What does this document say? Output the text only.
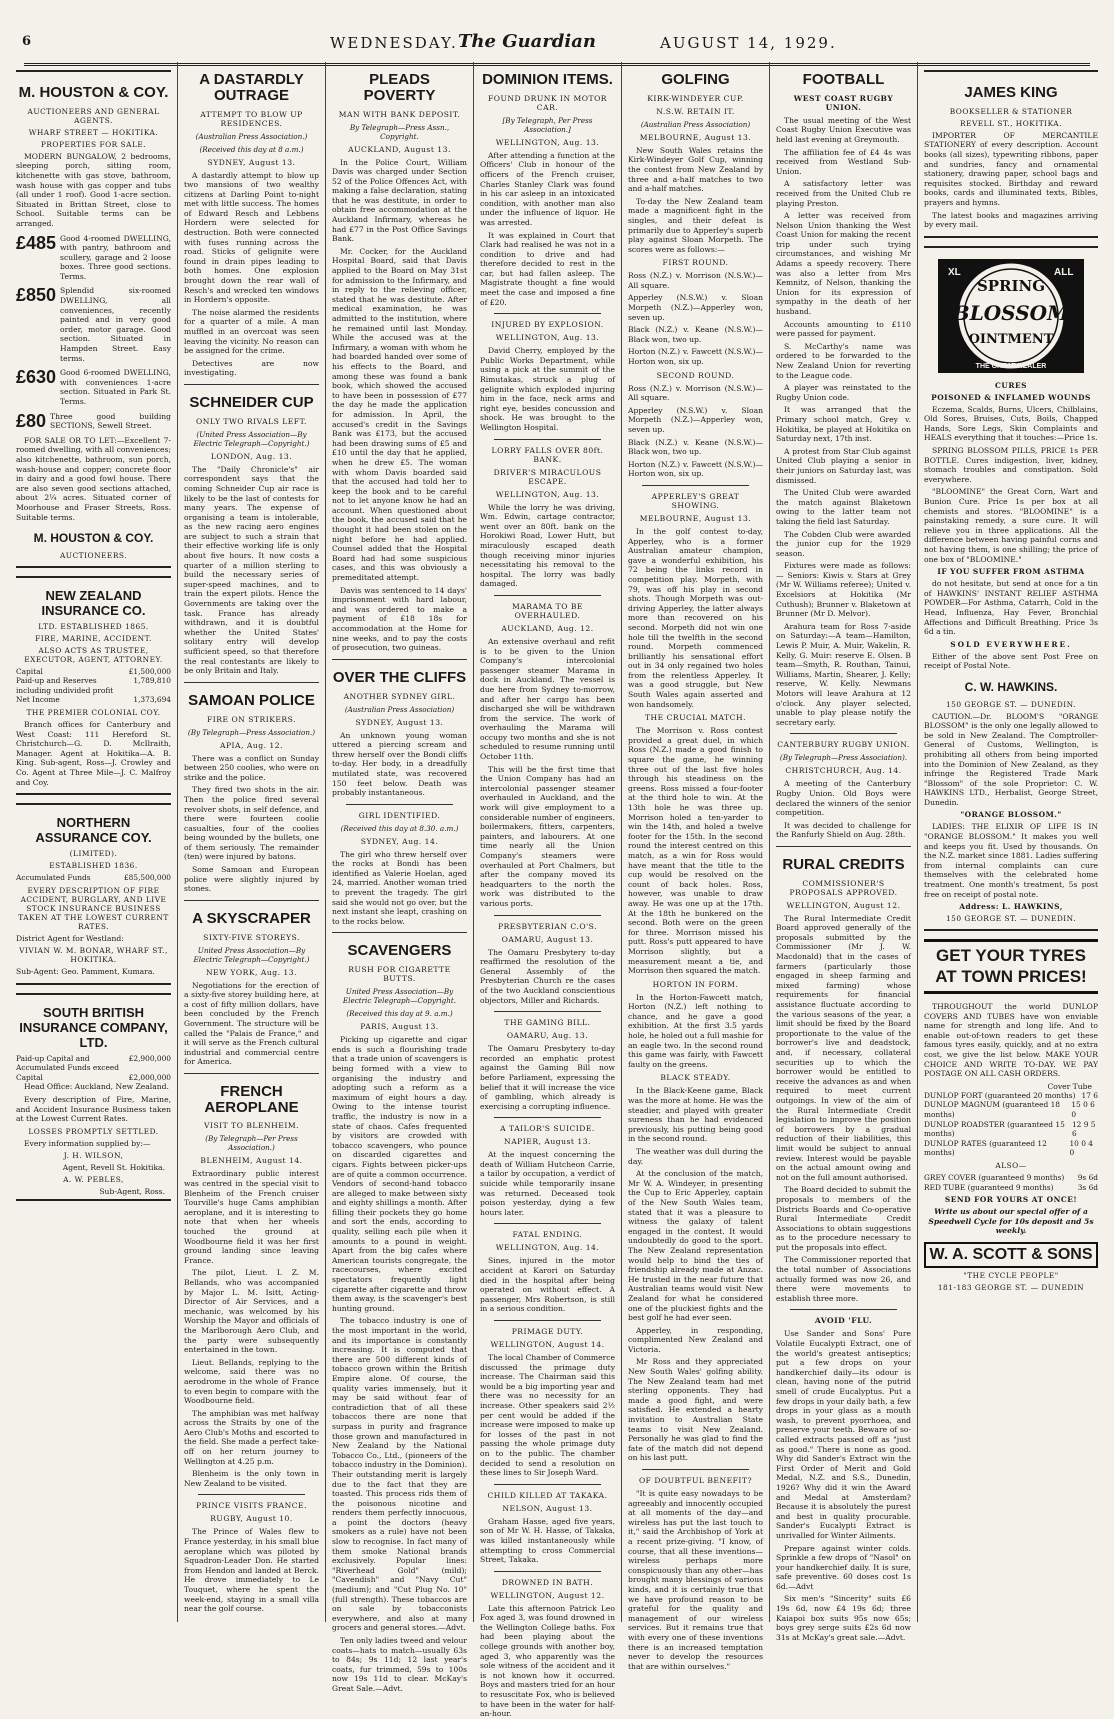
6	WEDNESDAY. The Guardian	AUGUST 14, 1929.
M. HOUSTON & COY.
AUCTIONEERS AND GENERAL AGENTS.
WHARF STREET — HOKITIKA.
PROPERTIES FOR SALE.

MODERN BUNGALOW, 2 bedrooms, sleeping porch, sitting room, kitchenette with gas stove, bathroom, wash house with gas copper and tubs (all under 1 roof). Good 1-acre section. Situated in Brittan Street, close to School. Suitable terms can be arranged.

£485 Good 4-roomed DWELLING, with pantry, bathroom and scullery, garage and 2 loose boxes. Three good sections. Terms.

£850 Splendid six-roomed DWELLING, all conveniences, recently painted and in very good order, motor garage. Good section. Situated in Hampden Street. Easy terms.

£630 Good 6-roomed DWELLING, with conveniences 1-acre section. Situated in Park St. Terms.

£80 Three good building SECTIONS, Sewell Street.

FOR SALE OR TO LET:—Excellent 7-roomed dwelling, with all conveniences; also kitchenette, bathroom, sun porch, wash-house and copper; concrete floor in dairy and a good fowl house. There are also seven good sections attached, about 2¼ acres. Situated corner of Moorhouse and Fraser Streets, Ross. Suitable terms.

M. HOUSTON & COY.
AUCTIONEERS.
NEW ZEALAND INSURANCE CO.
LTD. ESTABLISHED 1865.
FIRE, MARINE, ACCIDENT.
ALSO ACTS AS TRUSTEE, EXECUTOR, AGENT, ATTORNEY.
Capital	£1,500,000
Paid-up and Reserves including undivided profit
1,789,810
Net Income	1,373,694
THE PREMIER COLONIAL COY.

Branch offices for Canterbury and West Coast: 111 Hereford St. Christchurch—G. D. McIlraith, Manager. Agent at Hokitika—A. B. King. Sub-agent, Ross—J. Crowley and Co. Agent at Three Mile—J. C. Malfroy and Coy.

NORTHERN ASSURANCE COY.
(LIMITED).
ESTABLISHED 1836.
Accumulated Funds	£85,500,000
EVERY DESCRIPTION OF FIRE ACCIDENT, BURGLARY, AND LIVE STOCK INSURANCE BUSINESS TAKEN AT THE LOWEST CURRENT RATES.

District Agent for Westland:

VIVIAN W. M. BONAR, WHARF ST., HOKITIKA.

Sub-Agent: Geo. Pamment, Kumara.

SOUTH BRITISH INSURANCE COMPANY, LTD.
Paid-up Capital and Accumulated Funds exceed
£2,900,000
Capital	£2,000,000

Head Office: Auckland, New Zealand.

Every description of Fire, Marine, and Accident Insurance Business taken at the Lowest Current Rates.

LOSSES PROMPTLY SETTLED.

Every information supplied by:—

J. H. WILSON,
Agent, Revell St. Hokitika.
A. W. PEBLES,
Sub-Agent, Ross.
A DASTARDLY OUTRAGE
ATTEMPT TO BLOW UP RESIDENCES.
(Australian Press Association.)
(Received this day at 8 a.m.)
SYDNEY, August 13.

A dastardly attempt to blow up two mansions of two wealthy citizens at Darling Point to-night met with little success. The homes of Edward Resch and Lebbens Hordern were selected for destruction. Both were connected with fuses running across the road. Sticks of gelignite were found in drain pipes leading to both homes. One explosion brought down the rear wall of Resch's and wrecked ten windows in Hordern's opposite.

The noise alarmed the residents for a quarter of a mile. A man muffled in an overcoat was seen leaving the vicinity. No reason can be assigned for the crime.

Detectives are now investigating.

SCHNEIDER CUP
ONLY TWO RIVALS LEFT.
(United Press Association—By Electric Telegraph—Copyright.)
LONDON, Aug. 13.

The "Daily Chronicle's" air correspondent says that the coming Schneider Cup air race is likely to be the last of contests for many years. The expense of organising a team is intolerable, as the new racing aero engines are subject to such a strain that their effective working life is only about five hours. It now costs a quarter of a million sterling to build the necessary series of super-speed machines, and to train the expert pilots. Hence the Governments are taking over the task. France has already withdrawn, and it is doubtful whether the United States' solitary entry will develop sufficient speed, so that therefore the real contestants are likely to be only Britain and Italy.

SAMOAN POLICE
FIRE ON STRIKERS.
(By Telegraph—Press Association.)
APIA, Aug. 12.

There was a conflict on Sunday between 250 coolies, who were on strike and the police.

They fired two shots in the air. Then the police fired several revolver shots, in self defence, and there were fourteen coolie casualties, four of the coolies being wounded by the bullets, one of them seriously. The remainder (ten) were injured by batons.

Some Samoan and European police were slightly injured by stones.

A SKYSCRAPER
SIXTY-FIVE STOREYS.
United Press Association—By Electric Telegraph—Copyright.)
NEW YORK, Aug. 13.

Negotiations for the erection of a sixty-five storey building here, at a cost of fifty million dollars, have been concluded by the French Government. The structure will be called the "Palais de France," and it will serve as the French cultural industrial and commercial centre for America.

FRENCH AEROPLANE
VISIT TO BLENHEIM.
(By Telegraph—Per Press Association.)
BLENHEIM, August 14.

Extraordinary public interest was centred in the special visit to Blenheim of the French cruiser Tourville's huge Cams amphibian aeroplane, and it is interesting to note that when her wheels touched the ground at Woodbourne field it was her first ground landing since leaving France.

The pilot, Lieut. I. Z. M. Bellands, who was accompanied by Major L. M. Isitt, Acting-Director of Air Services, and a mechanic, was welcomed by his Worship the Mayor and officials of the Marlborough Aero Club, and the party were subsequently entertained in the town.

Lieut. Bellands, replying to the welcome, said there was no aerodrome in the whole of France to even begin to compare with the Woodbourne field.

The amphibian was met halfway across the Straits by one of the Aero Club's Moths and escorted to the field. She made a perfect take-off on her return journey to Wellington at 4.25 p.m.

Blenheim is the only town in New Zealand to be visited.

PRINCE VISITS FRANCE.
RUGBY, August 10.

The Prince of Wales flew to France yesterday, in his small blue aeroplane which was piloted by Squadron-Leader Don. He started from Hendon and landed at Berck. He drove immediately to Le Touquet, where he spent the week-end, staying in a small villa near the golf course.

PLEADS POVERTY
MAN WITH BANK DEPOSIT.
By Telegraph—Press Assn., Copyright.
AUCKLAND, August 13.

In the Police Court, William Davis was charged under Section 52 of the Police Offences Act, with making a false declaration, stating that he was destitute, in order to obtain free accommodation at the Auckland Infirmary, whereas he had £77 in the Post Office Savings Bank.

Mr. Cocker, for the Auckland Hospital Board, said that Davis applied to the Board on May 31st for admission to the Infirmary, and in reply to the relieving officer, stated that he was destitute. After medical examination, he was admitted to the institution, where he remained until last Monday. While the accused was at the Infirmary, a woman with whom he had boarded handed over some of his effects to the Board, and among these was found a bank book, which showed the accused to have been in possession of £77 the day he made the application for admission. In April, the accused's credit in the Savings Bank was £173, but the accused had been drawing sums of £5 and £10 until the day that he applied, when he drew £5. The woman with whom Davis boarded said that the accused had told her to keep the book and to be careful not to let anyone know he had an account. When questioned about the book, the accused said that he thought it had been stolen on the night before he had applied. Counsel added that the Hospital Board had had some suspicious cases, and this was obviously a premeditated attempt.

Davis was sentenced to 14 days' imprisonment with hard labour, and was ordered to make a payment of £18 18s for accommodation at the Home for nine weeks, and to pay the costs of prosecution, two guineas.

OVER THE CLIFFS
ANOTHER SYDNEY GIRL.
(Australian Press Association)
SYDNEY, August 13.

An unknown young woman uttered a piercing scream and threw herself over the Bondi cliffs to-day. Her body, in a dreadfully mutilated state, was recovered 150 feet below. Death was probably instantaneous.

GIRL IDENTIFIED.
(Received this day at 8.30. a.m.)
SYDNEY, Aug. 14.

The girl who threw herself over the rocks at Bondi has been identified as Valerie Hoelan, aged 24, married. Another woman tried to prevent the tragedy. The girl said she would not go over, but the next instant she leapt, crashing on to the rocks below.

SCAVENGERS
RUSH FOR CIGARETTE BUTTS.
United Press Association—By Electric Telegraph—Copyright.
(Received this day at 9. a.m.)
PARIS, August 13.

Picking up cigarette and cigar ends is such a flourishing trade that a trade union of scavengers is being formed with a view to organising the industry and adopting such a reform as a maximum of eight hours a day. Owing to the intense tourist traffic, the industry is now in a state of chaos. Cafes frequented by visitors are crowded with tobacco scavengers, who pounce on discarded cigarettes and cigars. Fights between picker-ups are of quite a common occurrence. Vendors of second-hand tobacco are alleged to make between sixty and eighty shillings a month. After filling their pockets they go home and sort the ends, according to quality, selling each pile when it amounts to a pound in weight. Apart from the big cafes where American tourists congregate, the racecourses, where excited spectators frequently light cigarette after cigarette and throw them away, is the scavenger's best hunting ground.

The tobacco industry is one of the most important in the world, and its importance is constantly increasing. It is computed that there are 500 different kinds of tobacco grown within the British Empire alone. Of course, the quality varies immensely, but it may be said without fear of contradiction that of all these tobaccos there are none that surpass in purity and fragrance those grown and manufactured in New Zealand by the National Tobacco Co., Ltd., (pioneers of the tobacco industry in the Dominion). Their outstanding merit is largely due to the fact that they are toasted. This process rids them of the poisonous nicotine and renders them perfectly innocuous, a point the doctors (heavy smokers as a rule) have not been slow to recognise. In fact many of them smoke National brands exclusively. Popular lines: "Riverhead Gold" (mild); "Cavendish" and "Navy Cut" (medium); and "Cut Plug No. 10" (full strength). These tobaccos are on sale by tobacconists everywhere, and also at many grocers and general stores.—Advt.

Ten only ladies tweed and velour coats—hats to match—usually 63s to 84s; 9s 11d; 12 last year's coats, fur trimmed, 59s to 100s now 19s 11d to clear. McKay's Great Sale.—Advt.

DOMINION ITEMS.
FOUND DRUNK IN MOTOR CAR.
[By Telegraph, Per Press Association.]
WELLINGTON, Aug. 13.

After attending a function at the Officers' Club in honour of the officers of the French cruiser, Charles Stanley Clark was found in his car asleep in an intoxicated condition, with another man also under the influence of liquor. He was arrested.

It was explained in Court that Clark had realised he was not in a condition to drive and had therefore decided to rest in the car, but had fallen asleep. The Magistrate thought a fine would meet the case and imposed a fine of £20.

INJURED BY EXPLOSION.
WELLINGTON, Aug. 13.

David Cherry, employed by the Public Works Department, while using a pick at the summit of the Rimutakas, struck a plug of gelignite which exploded injuring him in the face, neck arms and right eye, besides concussion and shock. He was brought to the Wellington Hospital.

LORRY FALLS OVER 80ft. BANK.
DRIVER'S MIRACULOUS ESCAPE.
WELLINGTON, Aug. 13.

While the lorry he was driving, Wm. Edwin, cartage contractor, went over an 80ft. bank on the Horokiwi Road, Lower Hutt, but miraculously escaped death though receiving minor injuries necessitating his removal to the hospital. The lorry was badly damaged.

MARAMA TO BE OVERHAULED.
AUCKLAND, Aug. 12.

An extensive overhaul and refit is to be given to the Union Company's intercolonial passenger steamer Marama in dock in Auckland. The vessel is due here from Sydney to-morrow, and after her cargo has been discharged she will be withdrawn from the service. The work of overhauling the Marama will occupy two months and she is not scheduled to resume running until October 11th.

This will be the first time that the Union Company has had an intercolonial passenger steamer overhauled in Auckland, and the work will give employment to a considerable number of engineers, boilermakers, fitters, carpenters, painters, and labourers. At one time nearly all the Union Company's steamers were overhauled at Port Chalmers, but after the company moved its headquarters to the north the work was distributed to the various ports.

PRESBYTERIAN C.O'S.
OAMARU, August 13.

The Oamaru Presbytery to-day reaffirmed the resolution of the General Assembly of the Presbyterian Church re the cases of the two Auckland conscientious objectors, Miller and Richards.

THE GAMING BILL.
OAMARU, Aug. 13.

The Oamaru Presbytery to-day recorded an emphatic protest against the Gaming Bill now before Parliament, expressing the belief that it will increase the vice of gambling, which already is exercising a corrupting influence.

A TAILOR'S SUICIDE.
NAPIER, August 13.

At the inquest concerning the death of William Hutcheon Carrie, a tailor by occupation, a verdict of suicide while temporarily insane was returned. Deceased took poison yesterday, dying a few hours later.

FATAL ENDING.
WELLINGTON, Aug. 14.

Sines, injured in the motor accident at Karori on Saturday died in the hospital after being operated on without effect. A passenger, Mrs Robertson, is still in a serious condition.

PRIMAGE DUTY.
WELLINGTON, August 14.

The local Chamber of Commerce discussed the primage duty increase. The Chairman said this would be a big importing year and there was no necessity for an increase. Other speakers said 2½ per cent would be added if the increase were imposed to make up for losses of the past in not passing the whole primage duty on to the public. The chamber decided to send a resolution on these lines to Sir Joseph Ward.

CHILD KILLED AT TAKAKA.
NELSON, August 13.

Graham Hasse, aged five years, son of Mr W. H. Hasse, of Takaka, was killed instantaneously while attempting to cross Commercial Street, Takaka.

DROWNED IN BATH.
WELLINGTON, August 12.

Late this afternoon Patrick Leo Fox aged 3, was found drowned in the Wellington College baths. Fox had been playing about the college grounds with another boy, aged 3, who apparently was the sole witness of the accident and it is not known how it occurred. Boys and masters tried for an hour to resuscitate Fox, who is believed to have been in the water for half-an-hour.

GOLFING
KIRK-WINDEYER CUP.
N.S.W. RETAIN IT.
(Australian Press Association)
MELBOURNE, August 13.

New South Wales retains the Kirk-Windeyer Golf Cup, winning the contest from New Zealand by three and a-half matches to two and a-half matches.

To-day the New Zealand team made a magnificent fight in the singles, and their defeat is primarily due to Apperley's superb play against Sloan Morpeth. The scores were as follows:—

FIRST ROUND.

Ross (N.Z.) v. Morrison (N.S.W.)—All square.

Apperley (N.S.W.) v. Sloan Morpeth (N.Z.)—Apperley won, seven up.

Black (N.Z.) v. Keane (N.S.W.)—Black won, two up.

Horton (N.Z.) v. Fawcett (N.S.W.)—Horton won, six up.

SECOND ROUND.

Ross (N.Z.) v. Morrison (N.S.W.)—All square.

Apperley (N.S.W.) v. Sloan Morpeth (N.Z.)—Apperley won, seven up.

Black (N.Z.) v. Keane (N.S.W.)—Black won, two up.

Horton (N.Z.) v. Fawcett (N.S.W.)—Horton won, six up.

APPERLEY'S GREAT SHOWING.
MELBOURNE, August 13.

In the golf contest to-day, Apperley, who is a former Australian amateur champion, gave a wonderful exhibition, his 72 being the links record in competition play. Morpeth, with 79, was off his play in second shots. Though Morpeth was out-driving Apperley, the latter always more than recovered on his second. Morpeth did not win one hole till the twelfth in the second round. Morpeth commenced brilliantly his sensational effort out in 34 only regained two holes from the relentless Apperley. It was a good struggle, but New South Wales again asserted and won handsomely.

THE CRUCIAL MATCH.

The Morrison v. Ross contest provided a great duel, in which Ross (N.Z.) made a good finish to square the game, he winning three out of the last five holes through his steadiness on the greens. Ross missed a four-footer at the third hole to win. At the 13th hole he was three up. Morrison holed a ten-yarder to win the 14th, and holed a twelve footer for the 15th. In the second round the interest centred on this match, as a win for Ross would have meant that the title to the cup would be resolved on the count of back holes. Ross, however, was unable to draw away. He was one up at the 17th. At the 18th he bunkered on the second. Both were on the green for three. Morrison missed his putt. Ross's putt appeared to have Morrison slightly, but a measurement meant a tie, and Morrison then squared the match.

HORTON IN FORM.

In the Horton-Fawcett match, Horton (N.Z.) left nothing to chance, and he gave a good exhibition. At the first 3.5 yards hole, he holed out a full mashie for an eagle two. In the second round this game was fairly, with Fawcett faulty on the greens.

BLACK STEADY.

In the Black-Keene game, Black was the more at home. He was the steadier, and played with greater sureness than he had evidenced previously, his putting being good in the second round.

The weather was dull during the day.

At the conclusion of the match, Mr W. A. Windeyer, in presenting the Cup to Eric Apperley, captain of the New South Wales team, stated that it was a pleasure to witness the galaxy of talent engaged in the contest. It would undoubtedly do good to the sport. The New Zealand representation would help to bind the ties of friendship already made at Anzac. He trusted in the near future that Australian teams would visit New Zealand for what he considered one of the pluckiest fights and the best golf he had ever seen.

Apperley, in responding, complimented New Zealand and Victoria.

Mr Ross and they appreciated New South Wales' golfing ability. The New Zealand team had met sterling opponents. They had made a good fight, and were satisfied. He extended a hearty invitation to Australian State teams to visit New Zealand. Personally he was glad to find the fate of the match did not depend on his last putt.

OF DOUBTFUL BENEFIT?

"It is quite easy nowadays to be agreeably and innocently occupied at all moments of the day—and wireless has put the last touch to it," said the Archbishop of York at a recent prize-giving. "I know, of course, that all these inventions—wireless perhaps more conspicuously than any other—has brought many blessings of various kinds, and it is certainly true that we have profound reason to be grateful for the quality and management of our wireless services. But it remains true that with every one of these inventions there is an increased temptation never to develop the resources that are within ourselves."

FOOTBALL
WEST COAST RUGBY UNION.

The usual meeting of the West Coast Rugby Union Executive was held last evening at Greymouth.

The affiliation fee of £4 4s was received from Westland Sub-Union.

A satisfactory letter was received from the United Club re playing Preston.

A letter was received from Nelson Union thanking the West Coast Union for making the recent trip under such trying circumstances, and wishing Mr Adams a speedy recovery. There was also a letter from Mrs Kemnitz, of Nelson, thanking the Union for its expression of sympathy in the death of her husband.

Accounts amounting to £110 were passed for payment.

S. McCarthy's name was ordered to be forwarded to the New Zealand Union for reverting to the League code.

A player was reinstated to the Rugby Union code.

It was arranged that the Primary school match, Grey v. Hokitika, be played at Hokitika on Saturday next, 17th inst.

A protest from Star Club against United Club playing a senior in their juniors on Saturday last, was dismissed.

The United Club were awarded the match against Blaketown owing to the latter team not taking the field last Saturday.

The Cobden Club were awarded the junior cup for the 1929 season.

Fixtures were made as follows:— Seniors: Kiwis v. Stars at Grey (Mr W. Williams referee); United v. Excelsiors at Hokitika (Mr Cuthush); Brunner v. Blaketown at Brunner (Mr D. Melvor).

Arahura team for Ross 7-aside on Saturday:—A team—Hamilton, Lewis P. Muir, A. Muir, Wakelin, R. Kelly, G. Muir: reserve E. Olsen. B team—Smyth, R. Routhan, Tainui, Williams, Martin, Shearer, J. Kelly; reserve, W. Kelly. Newmans Motors will leave Arahura at 12 o'clock. Any player selected, unable to play please notify the secretary early.

CANTERBURY RUGBY UNION.
(By Telegraph—Press Association).
CHRISTCHURCH, Aug. 14.

A meeting of the Canterbury Rugby Union. Old Boys were declared the winners of the senior competition.

It was decided to challenge for the Ranfurly Shield on Aug. 28th.

RURAL CREDITS
COMMISSIONER'S PROPOSALS APPROVED.
WELLINGTON, August 12.

The Rural Intermediate Credit Board approved generally of the proposals submitted by the Commissioner (Mr J. W. Macdonald) that in the cases of farmers (particularly those engaged in sheep farming and mixed farming) whose requirements for financial assistance fluctuate according to the various seasons of the year, a limit should be fixed by the Board proportionate to the value of the borrower's live and deadstock, and, if necessary, collateral securities up to which the borrower would be entitled to receive the advances as and when required to meet current outgoings. In view of the aim of the Rural Intermediate Credit legislation to improve the position of borrowers by a gradual reduction of their liabilities, this limit would be subject to annual review. Interest would be payable on the actual amount owing and not on the full amount authorised.

The Board decided to submit the proposals to members of the Districts Boards and Co-operative Rural Intermediate Credit Associations to obtain suggestions as to the procedure necessary to put the proposals into effect.

The Commissioner reported that the total number of Associations actually formed was now 26, and there were movements to establish three more.

AVOID 'FLU.

Use Sander and Sons' Pure Volatile Eucalypti Extract, one of the world's greatest antiseptics; put a few drops on your handkerchief daily—its odour is clean, having none of the putrid smell of crude Eucalyptus. Put a few drops in your daily bath, a few drops in your glass as a mouth wash, to prevent pyorrhoea, and preserve your teeth. Beware of so-called extracts passed off as "just as good." There is none as good. Why did Sander's Extract win the First Order of Merit and Gold Medal, N.Z. and S.S., Dunedin, 1926? Why did it win the Award and Medal at Amsterdam? Because it is absolutely the purest and best in quality procurable. Sander's Eucalypti Extract is unrivalled for Winter Ailments.

Prepare against winter colds. Sprinkle a few drops of "Nasol" on your handkerchief daily. It is sure, safe preventive. 60 doses cost 1s 6d.—Advt

Six men's "Sincerity" suits £6 19s 6d, now £4 19s 6d; three Kaiapoi box suits 95s now 65s; boys grey serge suits £2s 6d now 31s at McKay's great sale.—Advt.

JAMES KING
BOOKSELLER & STATIONER
REVELL ST., HOKITIKA.

IMPORTER OF MERCANTILE STATIONERY of every description. Account books (all sizes), typewriting ribbons, paper and sundries, fancy and ornamental stationery, drawing paper, school bags and requisites stocked. Birthday and reward books, cards and illuminated texts, Bibles, prayers and hymns.

The latest books and magazines arriving by every mail.

SPRING
BLOSSOM
OINTMENT
XL	ALL
THE GREAT HEALER
CURES
POISONED & INFLAMED WOUNDS

Eczema, Scalds, Burns, Ulcers, Chilblains, Old Sores, Bruises, Cuts, Boils, Chapped Hands, Sore Legs, Skin Complaints and HEALS everything that it touches:—Price 1s.

SPRING BLOSSOM PILLS, PRICE 1s PER BOTTLE. Cures indigestion, liver, kidney, stomach troubles and constipation. Sold everywhere.

"BLOOMINE" the Great Corn, Wart and Bunion Cure. Price 1s per box at all chemists and stores. "BLOOMINE" is a painstaking remedy, a sure cure. It will relieve you in three applications. All the difference between having painful corns and not having them, is one shilling; the price of one box of "BLOOMINE."

IF YOU SUFFER FROM ASTHMA

do not hesitate, but send at once for a tin of HAWKINS' INSTANT RELIEF ASTHMA POWDER—For Asthma, Catarrh, Cold in the Head, Influenza, Hay Fever, Bronchial Affections and Difficult Breathing. Price 3s 6d a tin.

SOLD EVERYWHERE.

Either of the above sent Post Free on receipt of Postal Note.

C. W. HAWKINS.
150 GEORGE ST. — DUNEDIN.

CAUTION.—Dr. BLOOM'S "ORANGE BLOSSOM" is the only one legally allowed to be sold in New Zealand. The Comptroller-General of Customs, Wellington, is prohibiting all others from being imported into the Dominion of New Zealand, as they infringe the Registered Trade Mark "Blossom" of the sole Proprietor: C. W. HAWKINS LTD., Herbalist, George Street, Dunedin.

"ORANGE BLOSSOM."

LADIES: THE ELIXIR OF LIFE IS IN "ORANGE BLOSSOM." It makes you well and keeps you fit. Used by thousands. On the N.Z. market since 1881. Ladies suffering from internal complaints can cure themselves with the celebrated home treatment. One month's treatment, 5s post free on receipt of postal note.

Address: L. HAWKINS,
150 GEORGE ST. — DUNEDIN.
GET YOUR TYRES AT TOWN PRICES!

THROUGHOUT the world DUNLOP COVERS AND TUBES have won enviable name for strength and long life. And to enable out-of-town readers to get these famous tyres easily, quickly, and at no extra cost, we give the list below. MAKE YOUR CHOICE AND WRITE TO-DAY. WE PAY POSTAGE ON ALL CASH ORDERS.

Cover Tube
DUNLOP FORT (guaranteed 20 months) 17 6
DUNLOP MAGNUM (guaranteed 18 months)
15 0 6 0
DUNLOP ROADSTER (guaranteed 15 months)
12 9 5 6
DUNLOP RATES (guaranteed 12 months)
10 0 4 0
ALSO—
GREY COVER (guaranteed 9 months) 9s 6d
RED TUBE (guaranteed 9 months)	3s 6d
SEND FOR YOURS AT ONCE!

Write us about our special offer of a Speedwell Cycle for 10s deposit and 5s weekly.

W. A. SCOTT & SONS
"THE CYCLE PEOPLE"
181-183 GEORGE ST. — DUNEDIN
